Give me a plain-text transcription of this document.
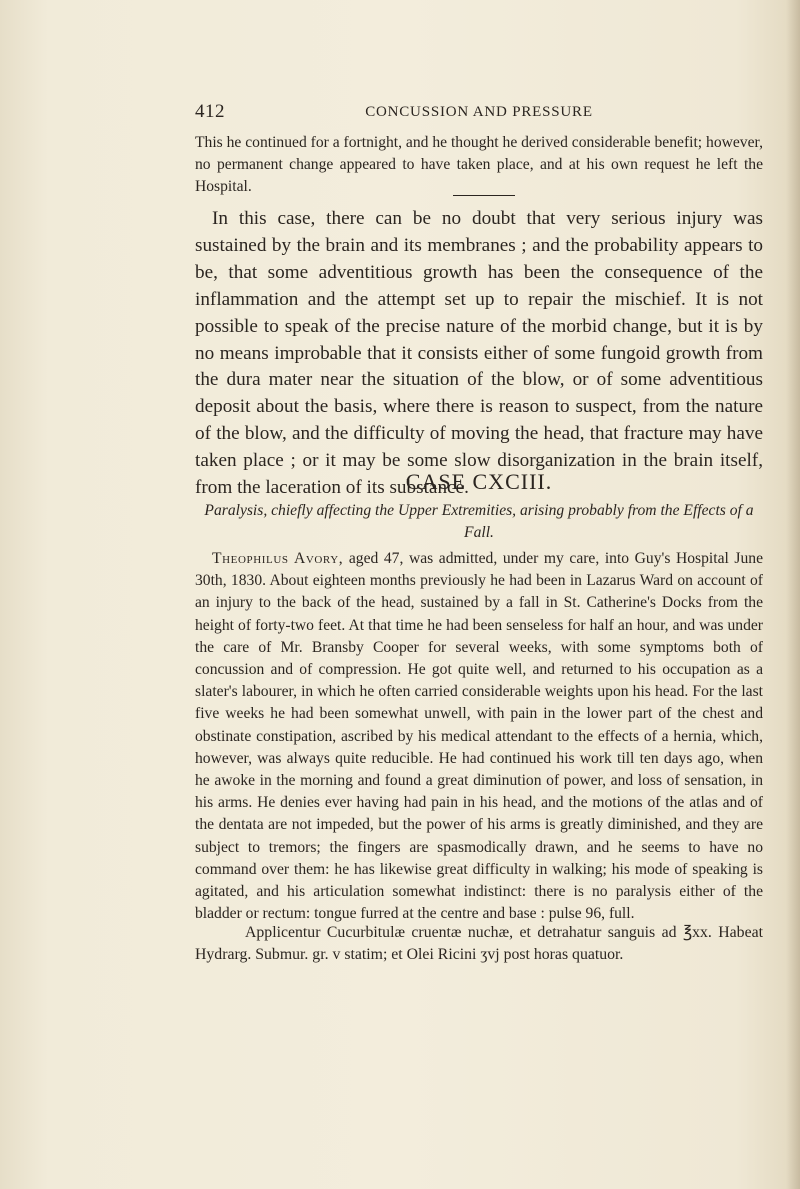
412	CONCUSSION AND PRESSURE

This he continued for a fortnight, and he thought he derived considerable benefit; however, no permanent change appeared to have taken place, and at his own request he left the Hospital.

In this case, there can be no doubt that very serious injury was sustained by the brain and its membranes ; and the probability appears to be, that some adventitious growth has been the consequence of the inflammation and the attempt set up to repair the mischief. It is not possible to speak of the precise nature of the morbid change, but it is by no means improbable that it consists either of some fungoid growth from the dura mater near the situation of the blow, or of some adventitious deposit about the basis, where there is reason to suspect, from the nature of the blow, and the difficulty of moving the head, that fracture may have taken place ; or it may be some slow disorganization in the brain itself, from the laceration of its substance.

CASE CXCIII.

Paralysis, chiefly affecting the Upper Extremities, arising probably from the Effects of a Fall.

Theophilus Avory, aged 47, was admitted, under my care, into Guy's Hospital June 30th, 1830. About eighteen months previously he had been in Lazarus Ward on account of an injury to the back of the head, sustained by a fall in St. Catherine's Docks from the height of forty-two feet. At that time he had been senseless for half an hour, and was under the care of Mr. Bransby Cooper for several weeks, with some symptoms both of concussion and of compression. He got quite well, and returned to his occupation as a slater's labourer, in which he often carried considerable weights upon his head. For the last five weeks he had been somewhat unwell, with pain in the lower part of the chest and obstinate constipation, ascribed by his medical attendant to the effects of a hernia, which, however, was always quite reducible. He had continued his work till ten days ago, when he awoke in the morning and found a great diminution of power, and loss of sensation, in his arms. He denies ever having had pain in his head, and the motions of the atlas and of the dentata are not impeded, but the power of his arms is greatly diminished, and they are subject to tremors; the fingers are spasmodically drawn, and he seems to have no command over them: he has likewise great difficulty in walking; his mode of speaking is agitated, and his articulation somewhat indistinct: there is no paralysis either of the bladder or rectum: tongue furred at the centre and base : pulse 96, full.

Applicentur Cucurbitulæ cruentæ nuchæ, et detrahatur sanguis ad ℥xx. Habeat Hydrarg. Submur. gr. v statim; et Olei Ricini ʒvj post horas quatuor.
